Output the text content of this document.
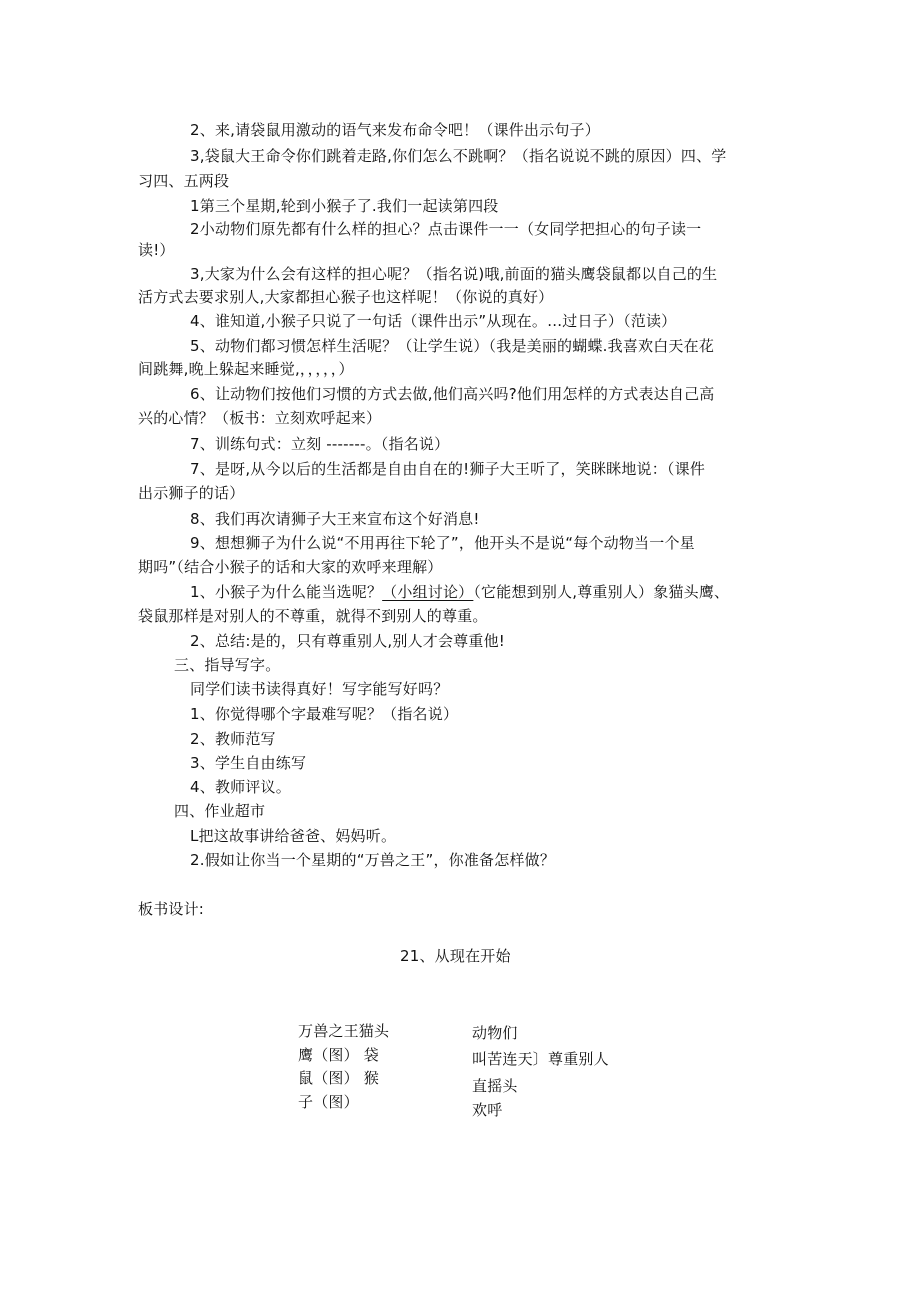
2、来,请袋鼠用激动的语气来发布命令吧！（课件出示句子）
3,袋鼠大王命令你们跳着走路,你们怎么不跳啊？（指名说说不跳的原因）四、学
习四、五两段
1第三个星期,轮到小猴子了.我们一起读第四段
2小动物们原先都有什么样的担心？点击课件一一（女同学把担心的句子读一
读!）
3,大家为什么会有这样的担心呢？（指名说)哦,前面的猫头鹰袋鼠都以自己的生
活方式去要求别人,大家都担心猴子也这样呢！（你说的真好）
4、谁知道,小猴子只说了一句话（课件出示”从现在。…过日子）（范读）
5、动物们都习惯怎样生活呢？（让学生说）（我是美丽的蝴蝶.我喜欢白天在花
间跳舞,晚上躲起来睡觉,，，，，，）
6、让动物们按他们习惯的方式去做,他们高兴吗?他们用怎样的方式表达自己高
兴的心情？（板书：立刻欢呼起来）
7、训练句式：立刻 -------。（指名说）
7、是呀,从今以后的生活都是自由自在的!狮子大王听了，笑眯眯地说：（课件
出示狮子的话）
8、我们再次请狮子大王来宣布这个好消息!
9、想想狮子为什么说“不用再往下轮了”，他开头不是说“每个动物当一个星
期吗”（结合小猴子的话和大家的欢呼来理解）
1、小猴子为什么能当选呢？（小组讨论）（它能想到别人,尊重别人）象猫头鹰、
袋鼠那样是对别人的不尊重，就得不到别人的尊重。
2、总结:是的，只有尊重别人,别人才会尊重他!
三、指导写字。
同学们读书读得真好！写字能写好吗？
1、你觉得哪个字最难写呢？（指名说）
2、教师范写
3、学生自由练写
4、教师评议。
四、作业超市
L把这故事讲给爸爸、妈妈听。
2.假如让你当一个星期的“万兽之王”，你准备怎样做？
板书设计:
21、从现在开始
万兽之王猫头
鹰（图） 袋
鼠（图） 猴
子（图）
动物们
叫苦连天〕尊重别人
直摇头
欢呼
